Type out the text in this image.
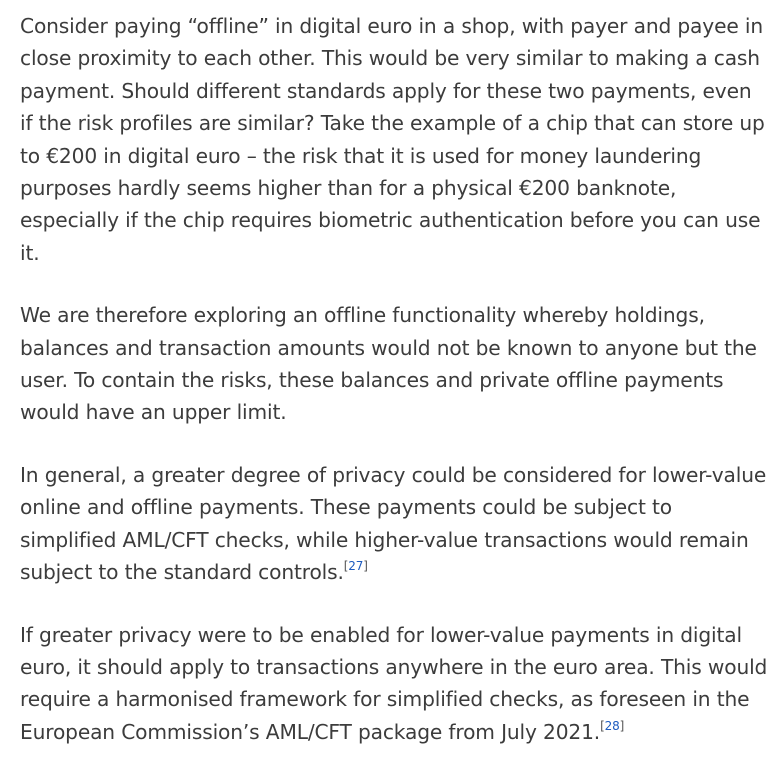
Consider paying “offline” in digital euro in a shop, with payer and payee in close proximity to each other. This would be very similar to making a cash payment. Should different standards apply for these two payments, even if the risk profiles are similar? Take the example of a chip that can store up to €200 in digital euro – the risk that it is used for money laundering purposes hardly seems higher than for a physical €200 banknote, especially if the chip requires biometric authentication before you can use it.

We are therefore exploring an offline functionality whereby holdings, balances and transaction amounts would not be known to anyone but the user. To contain the risks, these balances and private offline payments would have an upper limit.

In general, a greater degree of privacy could be considered for lower-value online and offline payments. These payments could be subject to simplified AML/CFT checks, while higher-value transactions would remain subject to the standard controls.[27]

If greater privacy were to be enabled for lower-value payments in digital euro, it should apply to transactions anywhere in the euro area. This would require a harmonised framework for simplified checks, as foreseen in the European Commission’s AML/CFT package from July 2021.[28]
